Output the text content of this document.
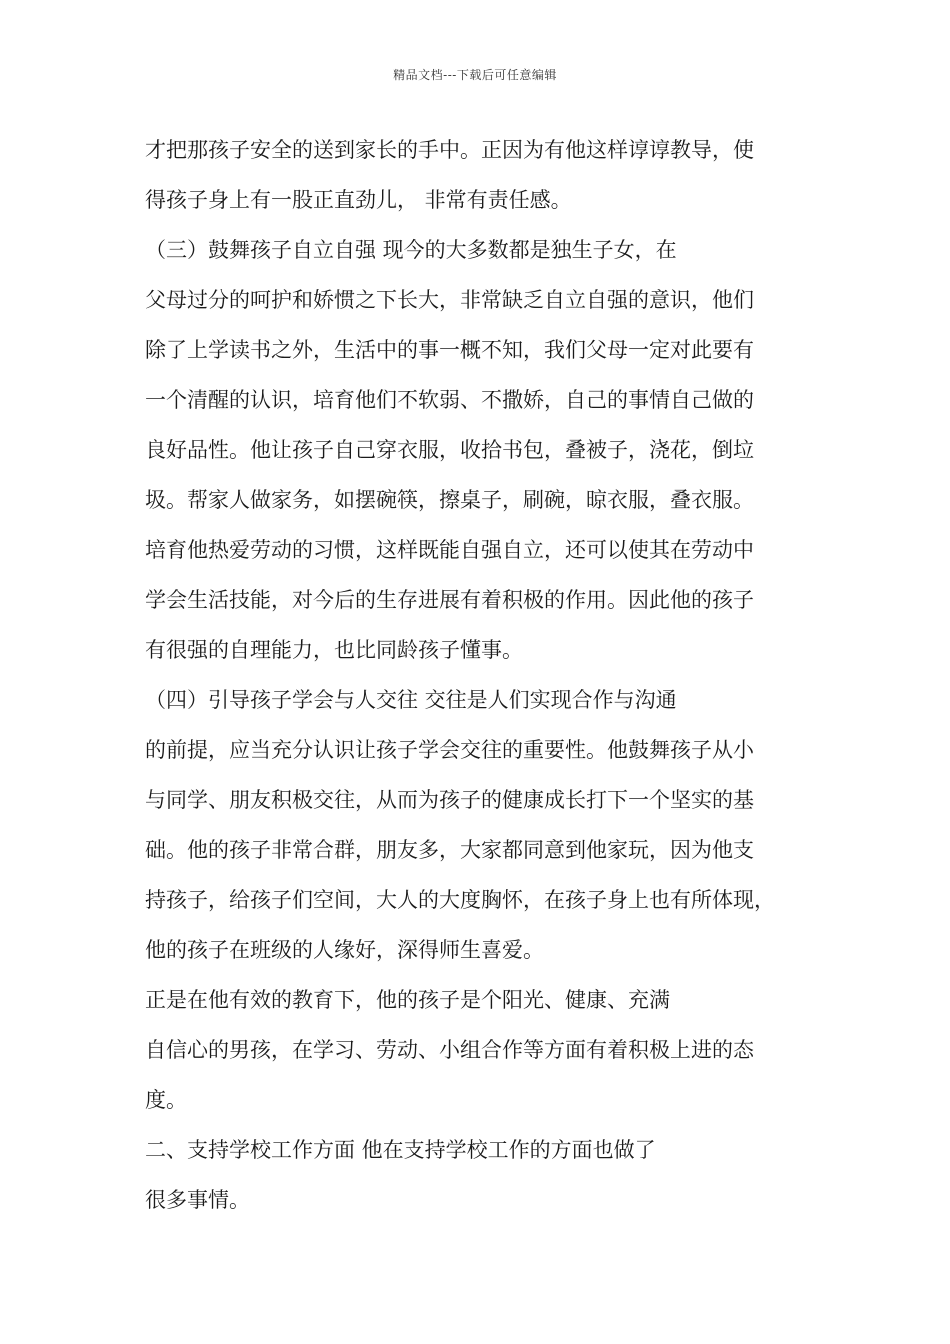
精品文档---下载后可任意编辑
才把那孩子安全的送到家长的手中。正因为有他这样谆谆教导，使
得孩子身上有一股正直劲儿， 非常有责任感。
（三）鼓舞孩子自立自强 现今的大多数都是独生子女，在
父母过分的呵护和娇惯之下长大，非常缺乏自立自强的意识，他们
除了上学读书之外，生活中的事一概不知，我们父母一定对此要有
一个清醒的认识，培育他们不软弱、不撒娇，自己的事情自己做的
良好品性。他让孩子自己穿衣服，收拾书包，叠被子，浇花，倒垃
圾。帮家人做家务，如摆碗筷，擦桌子，刷碗，晾衣服，叠衣服。
培育他热爱劳动的习惯，这样既能自强自立，还可以使其在劳动中
学会生活技能，对今后的生存进展有着积极的作用。因此他的孩子
有很强的自理能力，也比同龄孩子懂事。
（四）引导孩子学会与人交往 交往是人们实现合作与沟通
的前提，应当充分认识让孩子学会交往的重要性。他鼓舞孩子从小
与同学、朋友积极交往，从而为孩子的健康成长打下一个坚实的基
础。他的孩子非常合群，朋友多，大家都同意到他家玩，因为他支
持孩子，给孩子们空间，大人的大度胸怀，在孩子身上也有所体现，
他的孩子在班级的人缘好，深得师生喜爱。
正是在他有效的教育下，他的孩子是个阳光、健康、充满
自信心的男孩，在学习、劳动、小组合作等方面有着积极上进的态
度。
二、支持学校工作方面 他在支持学校工作的方面也做了
很多事情。
